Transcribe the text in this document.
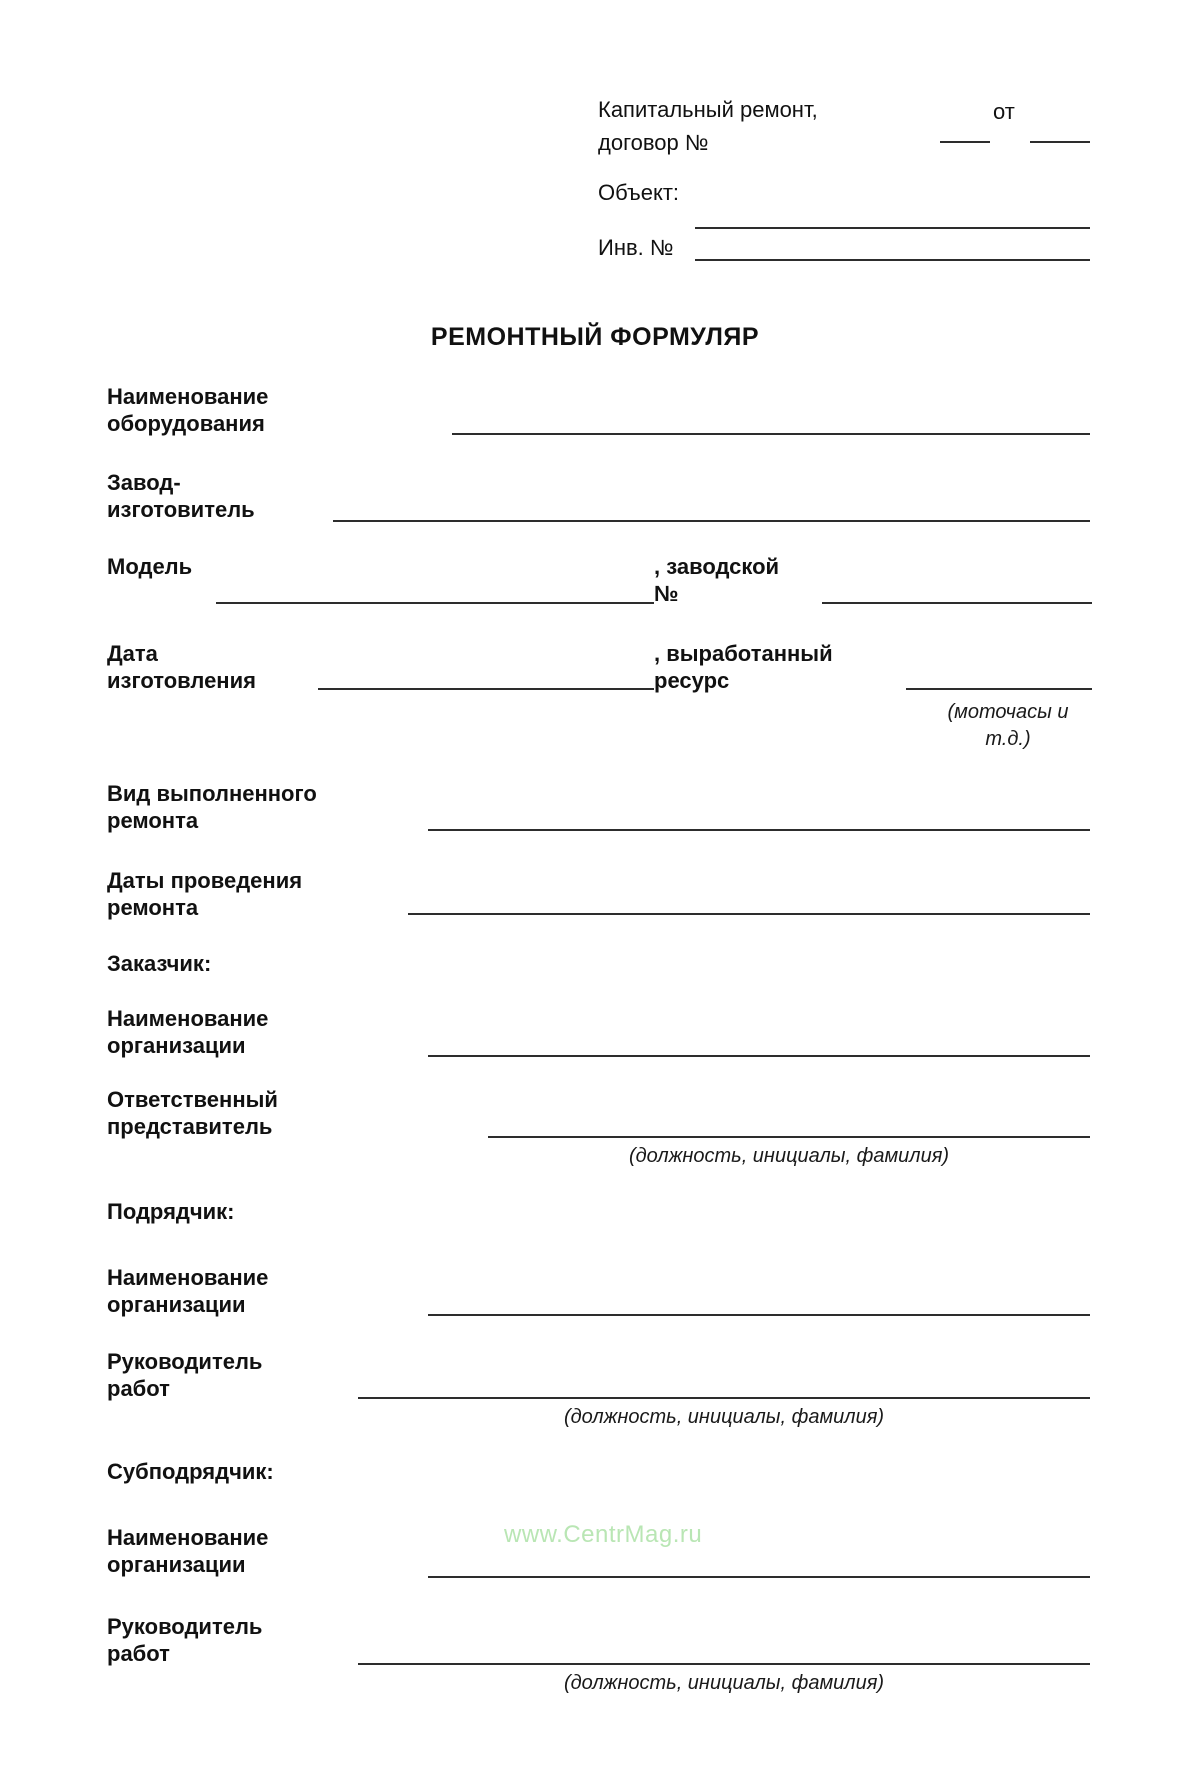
Капитальный ремонт, договор №
от
Объект:
Инв. №
РЕМОНТНЫЙ ФОРМУЛЯР
Наименование
оборудования
Завод-
изготовитель
Модель	, заводской
№
Дата
изготовления
, выработанный
ресурс
(моточасы и т.д.)
Вид выполненного
ремонта
Даты проведения
ремонта
Заказчик:
Наименование
организации
Ответственный
представитель
(должность, инициалы, фамилия)
Подрядчик:
Наименование
организации
Руководитель
работ
(должность, инициалы, фамилия)
Субподрядчик:
www.CentrMag.ru
Наименование
организации
Руководитель
работ
(должность, инициалы, фамилия)
